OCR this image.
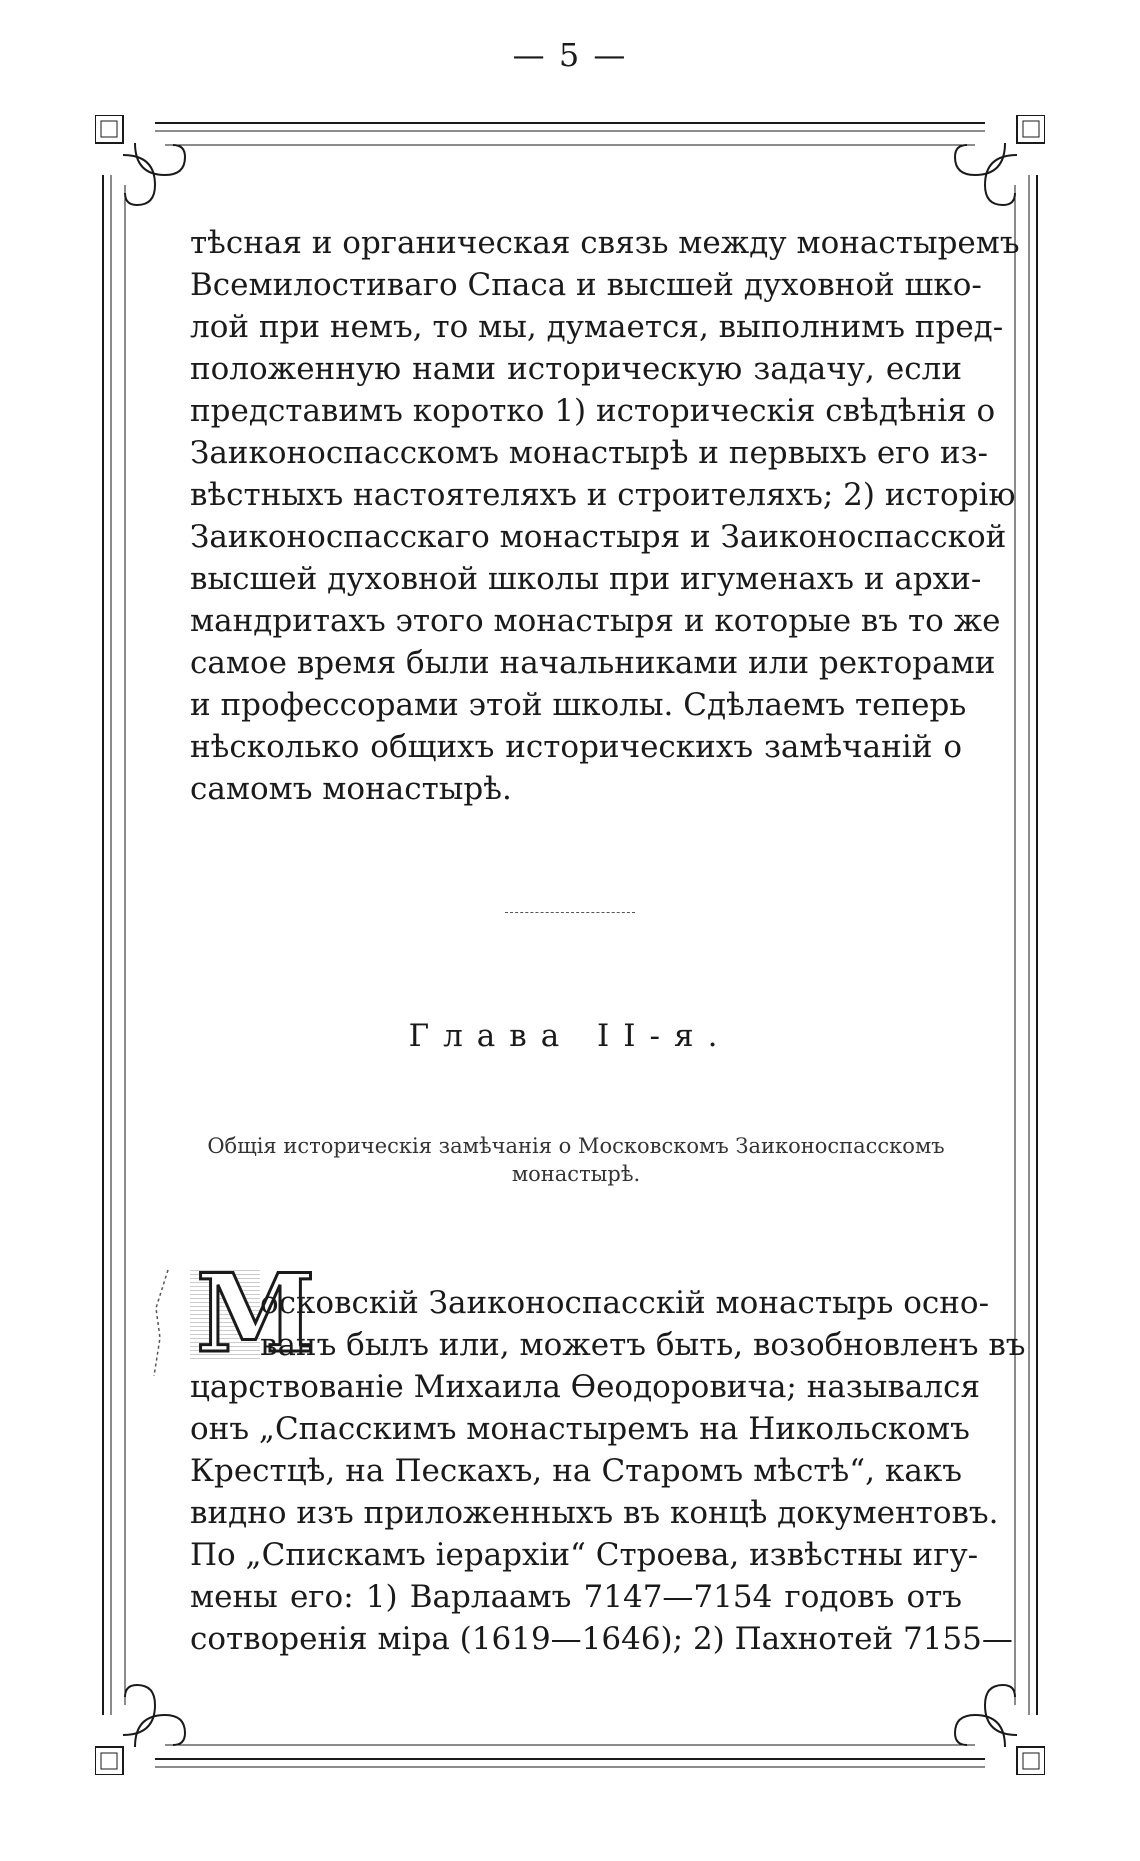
— 5 —
тѣсная и органическая связь между монастыремъ
Всемилостиваго Спаса и высшей духовной шко-
лой при немъ, то мы, думается, выполнимъ пред-
положенную нами историческую задачу, если
представимъ коротко 1) историческія свѣдѣнія о
Заиконоспасскомъ монастырѣ и первыхъ его из-
вѣстныхъ настоятеляхъ и строителяхъ; 2) исторію
Заиконоспасскаго монастыря и Заиконоспасской
высшей духовной школы при игуменахъ и архи-
мандритахъ этого монастыря и которые въ то же
самое время были начальниками или ректорами
и профессорами этой школы. Сдѣлаемъ теперь
нѣсколько общихъ историческихъ замѣчаній о
самомъ монастырѣ.
Глава II-я.
Общія историческія замѣчанія о Московскомъ Заиконоспасскомъ
монастырѣ.
М
осковскій Заиконоспасскій монастырь осно-
ванъ былъ или, можетъ быть, возобновленъ въ
царствованіе Михаила Ѳеодоровича; назывался
онъ „Спасскимъ монастыремъ на Никольскомъ
Крестцѣ, на Пескахъ, на Старомъ мѣстѣ“, какъ
видно изъ приложенныхъ въ концѣ документовъ.
По „Спискамъ іерархіи“ Строева, извѣстны игу-
мены его: 1) Варлаамъ 7147—7154 годовъ отъ
сотворенія міра (1619—1646); 2) Пахнотей 7155—
